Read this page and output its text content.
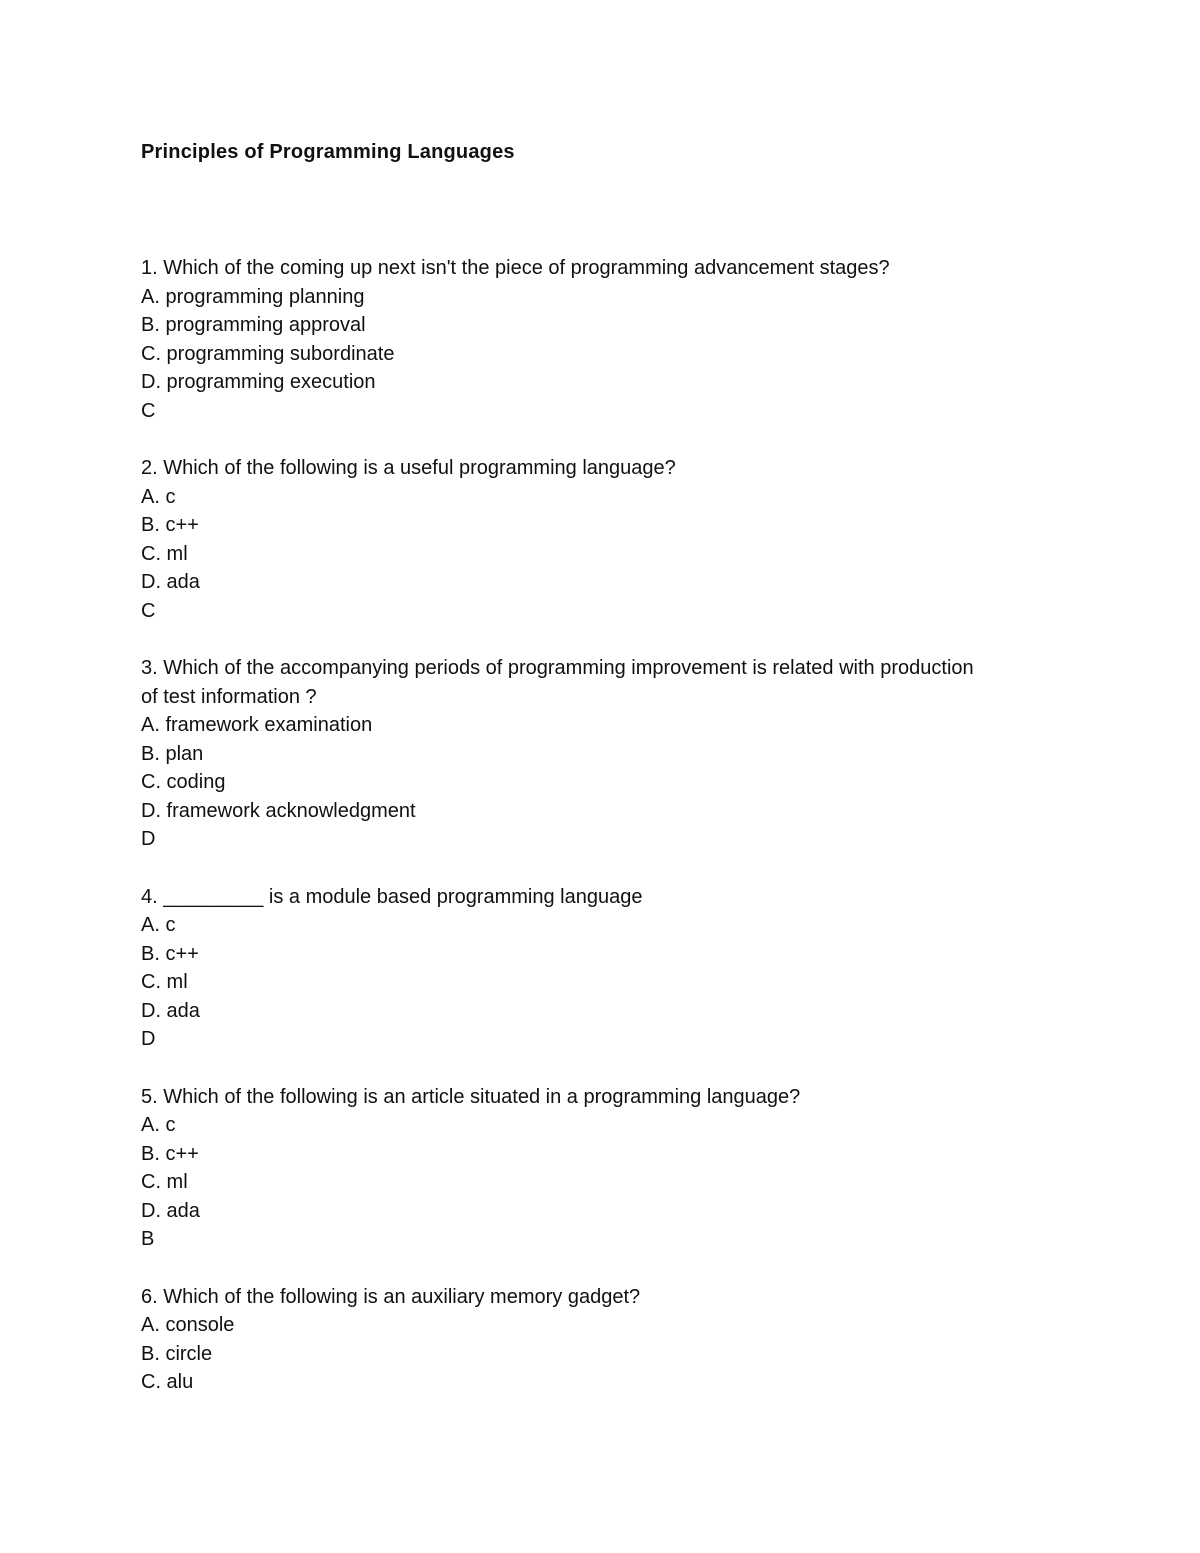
Principles of Programming Languages
1. Which of the coming up next isn't the piece of programming advancement stages?
A. programming planning
B. programming approval
C. programming subordinate
D. programming execution
C
2. Which of the following is a useful programming language?
A. c
B. c++
C. ml
D. ada
C
3. Which of the accompanying periods of programming improvement is related with production
of test information ?
A. framework examination
B. plan
C. coding
D. framework acknowledgment
D
4. _________ is a module based programming language
A. c
B. c++
C. ml
D. ada
D
5. Which of the following is an article situated in a programming language?
A. c
B. c++
C. ml
D. ada
B
6. Which of the following is an auxiliary memory gadget?
A. console
B. circle
C. alu
